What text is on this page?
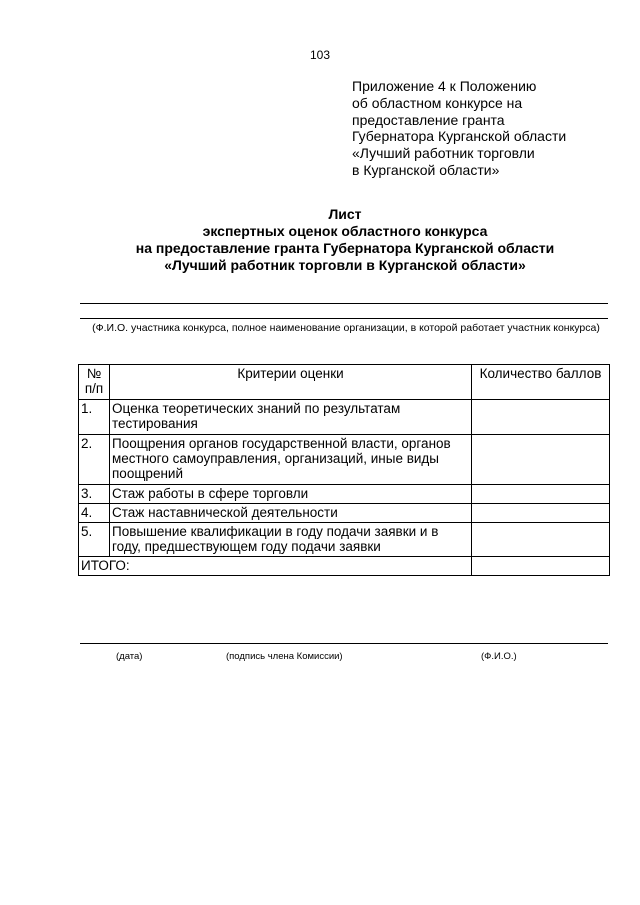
103
Приложение 4 к Положению
об областном конкурсе на
предоставление гранта
Губернатора Курганской области
«Лучший работник торговли
в Курганской области»
Лист
экспертных оценок областного конкурса
на предоставление гранта Губернатора Курганской области
«Лучший работник торговли в Курганской области»
(Ф.И.О. участника конкурса, полное наименование организации, в которой работает участник конкурса)
№ п/п	Критерии оценки	Количество баллов
1.	Оценка теоретических знаний по результатам тестирования	
2.	Поощрения органов государственной власти, органов местного самоуправления, организаций, иные виды поощрений	
3.	Стаж работы в сфере торговли	
4.	Стаж наставнической деятельности	
5.	Повышение квалификации в году подачи заявки и в году, предшествующем году подачи заявки	
ИТОГО:		
(дата)	(подпись члена Комиссии)	(Ф.И.О.)
